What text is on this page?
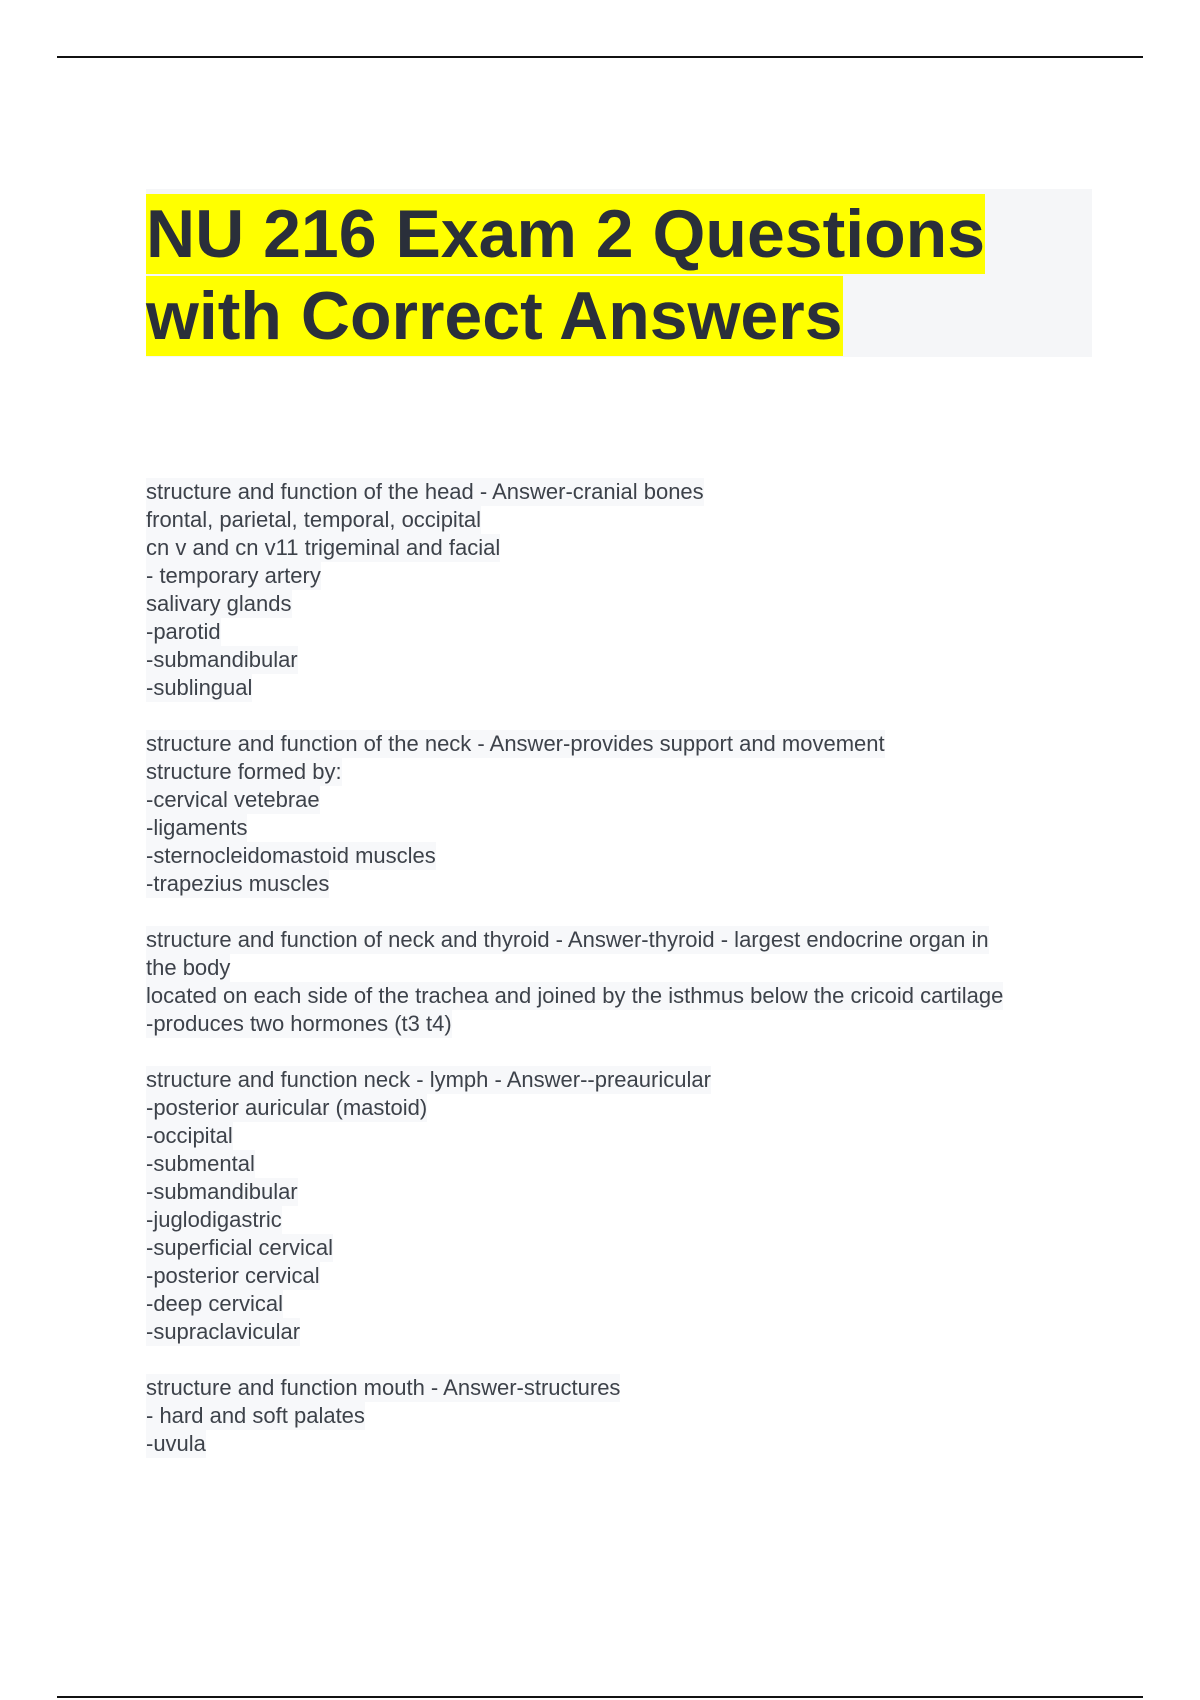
NU 216 Exam 2 Questions
with Correct Answers
structure and function of the head - Answer-cranial bones
frontal, parietal, temporal, occipital
cn v and cn v11 trigeminal and facial
- temporary artery
salivary glands
-parotid
-submandibular
-sublingual
structure and function of the neck - Answer-provides support and movement
structure formed by:
-cervical vetebrae
-ligaments
-sternocleidomastoid muscles
-trapezius muscles
structure and function of neck and thyroid - Answer-thyroid - largest endocrine organ in
the body
located on each side of the trachea and joined by the isthmus below the cricoid cartilage
-produces two hormones (t3 t4)
structure and function neck - lymph - Answer--preauricular
-posterior auricular (mastoid)
-occipital
-submental
-submandibular
-juglodigastric
-superficial cervical
-posterior cervical
-deep cervical
-supraclavicular
structure and function mouth - Answer-structures
- hard and soft palates
-uvula
